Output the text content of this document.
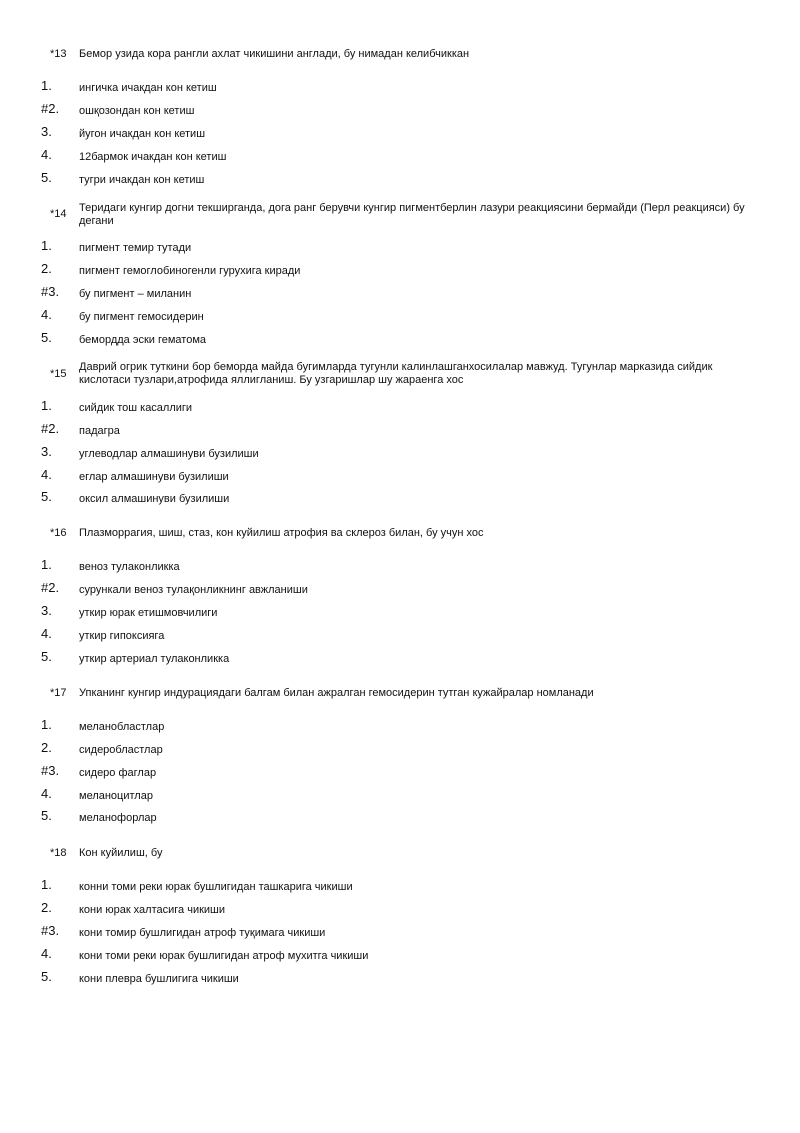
*13 Бемор узида кора рангли ахлат чикишини англади, бу нимадан келибчиккан
1. ингичка ичакдан кон кетиш
#2. ошқозондан кон кетиш
3. йугон ичакдан кон кетиш
4. 12бармок ичакдан кон кетиш
5. тугри ичакдан кон кетиш
*14 Теридаги кунгир догни текширганда, дога ранг берувчи кунгир пигментберлин лазури реакциясини бермайди (Перл реакцияси) бу дегани
1. пигмент темир тутади
2. пигмент гемоглобиногенли гурухига киради
#3. бу пигмент – миланин
4. бу пигмент гемосидерин
5. бемордда эски гематома
*15
Даврий огрик туткини бор беморда майда бугимларда тугунли калинлашганхосилалар мавжуд. Тугунлар марказида сийдик кислотаси тузлари,атрофида яллигланиш. Бу узгаришлар шу жараенга хос
1. сийдик тош касаллиги
#2. падагра
3. углеводлар алмашинуви бузилиши
4. еглар алмашинуви бузилиши
5. оксил алмашинуви бузилиши
*16 Плазморрагия, шиш, стаз, кон куйилиш атрофия ва склероз билан, бу учун хос
1. веноз тулаконликка
#2. сурункали веноз тулақонликнинг авжланиши
3. уткир юрак етишмовчилиги
4. уткир гипоксияга
5. уткир артериал тулаконликка
*17 Упканинг кунгир индурациядаги балгам билан ажралган гемосидерин тутган кужайралар номланади
1. меланобластлар
2. сидеробластлар
#3. сидеро фаглар
4. меланоцитлар
5. меланофорлар
*18 Кон куйилиш, бу
1. конни томи реки юрак бушлигидан ташкарига чикиши
2. кони юрак халтасига чикиши
#3. кони томир бушлигидан атроф туқимага чикиши
4. кони томи реки юрак бушлигидан атроф мухитга чикиши
5. кони плевра бушлигига чикиши
